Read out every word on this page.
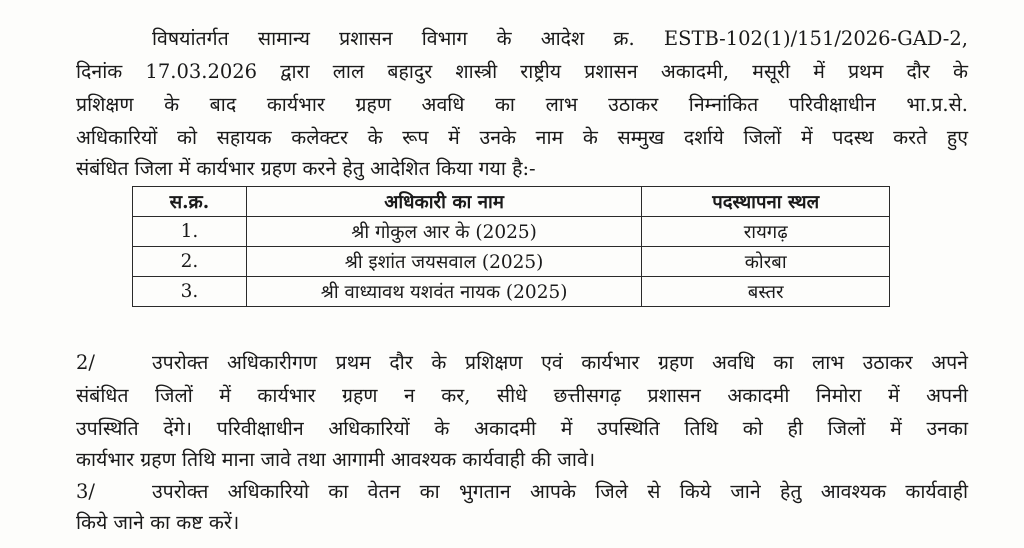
विषयांतर्गत सामान्य प्रशासन विभाग के आदेश क्र. ESTB-102(1)/151/2026-GAD-2,
दिनांक 17.03.2026 द्वारा लाल बहादुर शास्त्री राष्ट्रीय प्रशासन अकादमी, मसूरी में प्रथम दौर के
प्रशिक्षण के बाद कार्यभार ग्रहण अवधि का लाभ उठाकर निम्नांकित परिवीक्षाधीन भा.प्र.से.
अधिकारियों को सहायक कलेक्टर के रूप में उनके नाम के सम्मुख दर्शाये जिलों में पदस्थ करते हुए
संबंधित जिला में कार्यभार ग्रहण करने हेतु आदेशित किया गया है:-
स.क्र.	अधिकारी का नाम	पदस्थापना स्थल
1.	श्री गोकुल आर के (2025)	रायगढ़
2.	श्री इशांत जयसवाल (2025)	कोरबा
3.	श्री वाध्यावथ यशवंत नायक (2025)	बस्तर
2/	उपरोक्त अधिकारीगण प्रथम दौर के प्रशिक्षण एवं कार्यभार ग्रहण अवधि का लाभ उठाकर अपने
संबंधित जिलों में कार्यभार ग्रहण न कर, सीधे छत्तीसगढ़ प्रशासन अकादमी निमोरा में अपनी
उपस्थिति देंगे। परिवीक्षाधीन अधिकारियों के अकादमी में उपस्थिति तिथि को ही जिलों में उनका
कार्यभार ग्रहण तिथि माना जावे तथा आगामी आवश्यक कार्यवाही की जावे।
3/	उपरोक्त अधिकारियो का वेतन का भुगतान आपके जिले से किये जाने हेतु आवश्यक कार्यवाही
किये जाने का कष्ट करें।
